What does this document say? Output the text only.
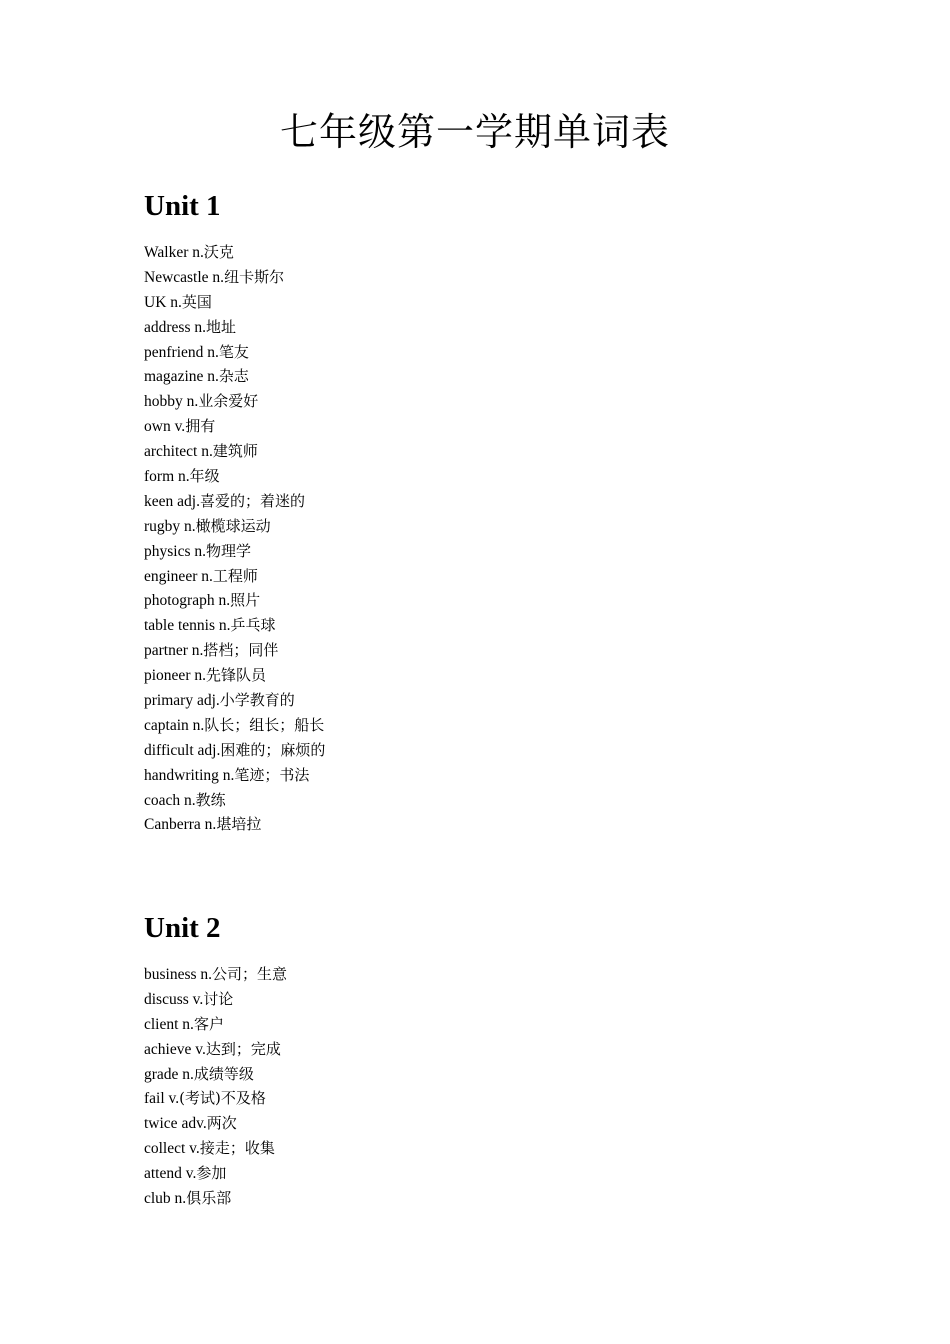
七年级第一学期单词表
Unit 1
Walker n.沃克
Newcastle n.纽卡斯尔
UK n.英国
address n.地址
penfriend n.笔友
magazine n.杂志
hobby n.业余爱好
own v.拥有
architect n.建筑师
form n.年级
keen adj.喜爱的；着迷的
rugby n.橄榄球运动
physics n.物理学
engineer n.工程师
photograph n.照片
table tennis n.乒乓球
partner n.搭档；同伴
pioneer n.先锋队员
primary adj.小学教育的
captain n.队长；组长；船长
difficult adj.困难的；麻烦的
handwriting n.笔迹；书法
coach n.教练
Canberra n.堪培拉
Unit 2
business n.公司；生意
discuss v.讨论
client n.客户
achieve v.达到；完成
grade n.成绩等级
fail v.(考试)不及格
twice adv.两次
collect v.接走；收集
attend v.参加
club n.俱乐部
